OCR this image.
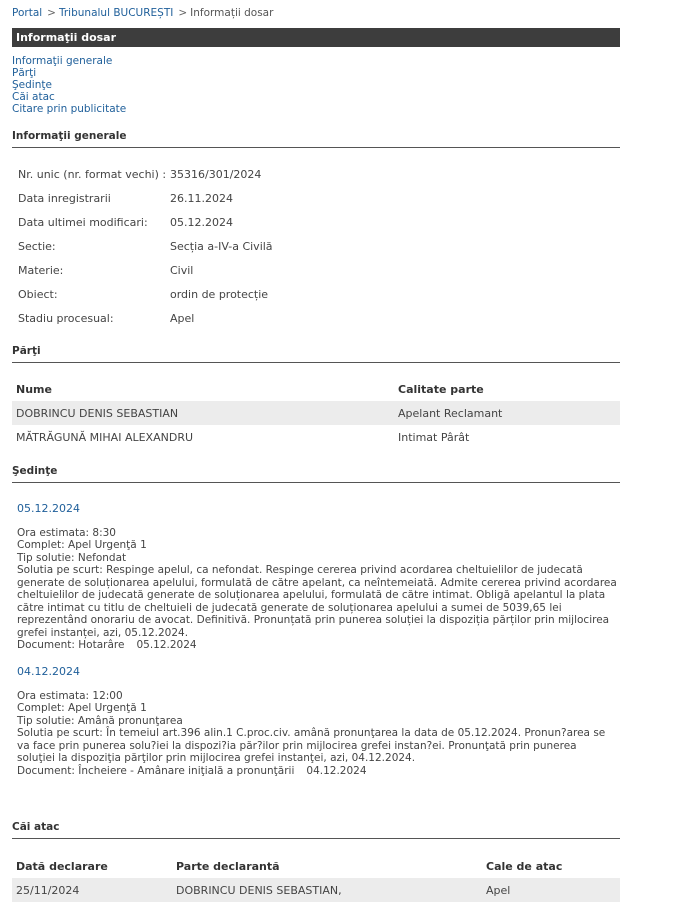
Portal > Tribunalul BUCUREȘTI > Informații dosar
Informaţii dosar
Informaţii generale
Părţi
Şedinţe
Căi atac
Citare prin publicitate
Informaţii generale
Nr. unic (nr. format vechi) : 35316/301/2024
Data inregistrarii	26.11.2024
Data ultimei modificari: 05.12.2024
Sectie:	Secția a-IV-a Civilă
Materie:	Civil
Obiect:	ordin de protecție
Stadiu procesual:	Apel
Părţi
Nume	Calitate parte
DOBRINCU DENIS SEBASTIAN	Apelant Reclamant
MĂTRĂGUNĂ MIHAI ALEXANDRU	Intimat Pârât
Şedinţe
05.12.2024
Ora estimata: 8:30
Complet: Apel Urgenţă 1
Tip solutie: Nefondat
Solutia pe scurt: Respinge apelul, ca nefondat. Respinge cererea privind acordarea cheltuielilor de judecată generate de soluționarea apelului, formulată de către apelant, ca neîntemeiată. Admite cererea privind acordarea cheltuielilor de judecată generate de soluționarea apelului, formulată de către intimat. Obligă apelantul la plata către intimat cu titlu de cheltuieli de judecată generate de soluționarea apelului a sumei de 5039,65 lei reprezentând onorariu de avocat. Definitivă. Pronunțată prin punerea soluției la dispoziția părților prin mijlocirea grefei instanței, azi, 05.12.2024.
Document: Hotarâre 05.12.2024
04.12.2024
Ora estimata: 12:00
Complet: Apel Urgenţă 1
Tip solutie: Amână pronunţarea
Solutia pe scurt: În temeiul art.396 alin.1 C.proc.civ. amână pronunţarea la data de 05.12.2024. Pronun?area se va face prin punerea solu?iei la dispozi?ia păr?ilor prin mijlocirea grefei instan?ei. Pronunţată prin punerea soluţiei la dispoziţia părţilor prin mijlocirea grefei instanţei, azi, 04.12.2024.
Document: Încheiere - Amânare iniţială a pronunţării 04.12.2024
Căi atac
Dată declarare	Parte declarantă	Cale de atac
25/11/2024	DOBRINCU DENIS SEBASTIAN,	Apel
